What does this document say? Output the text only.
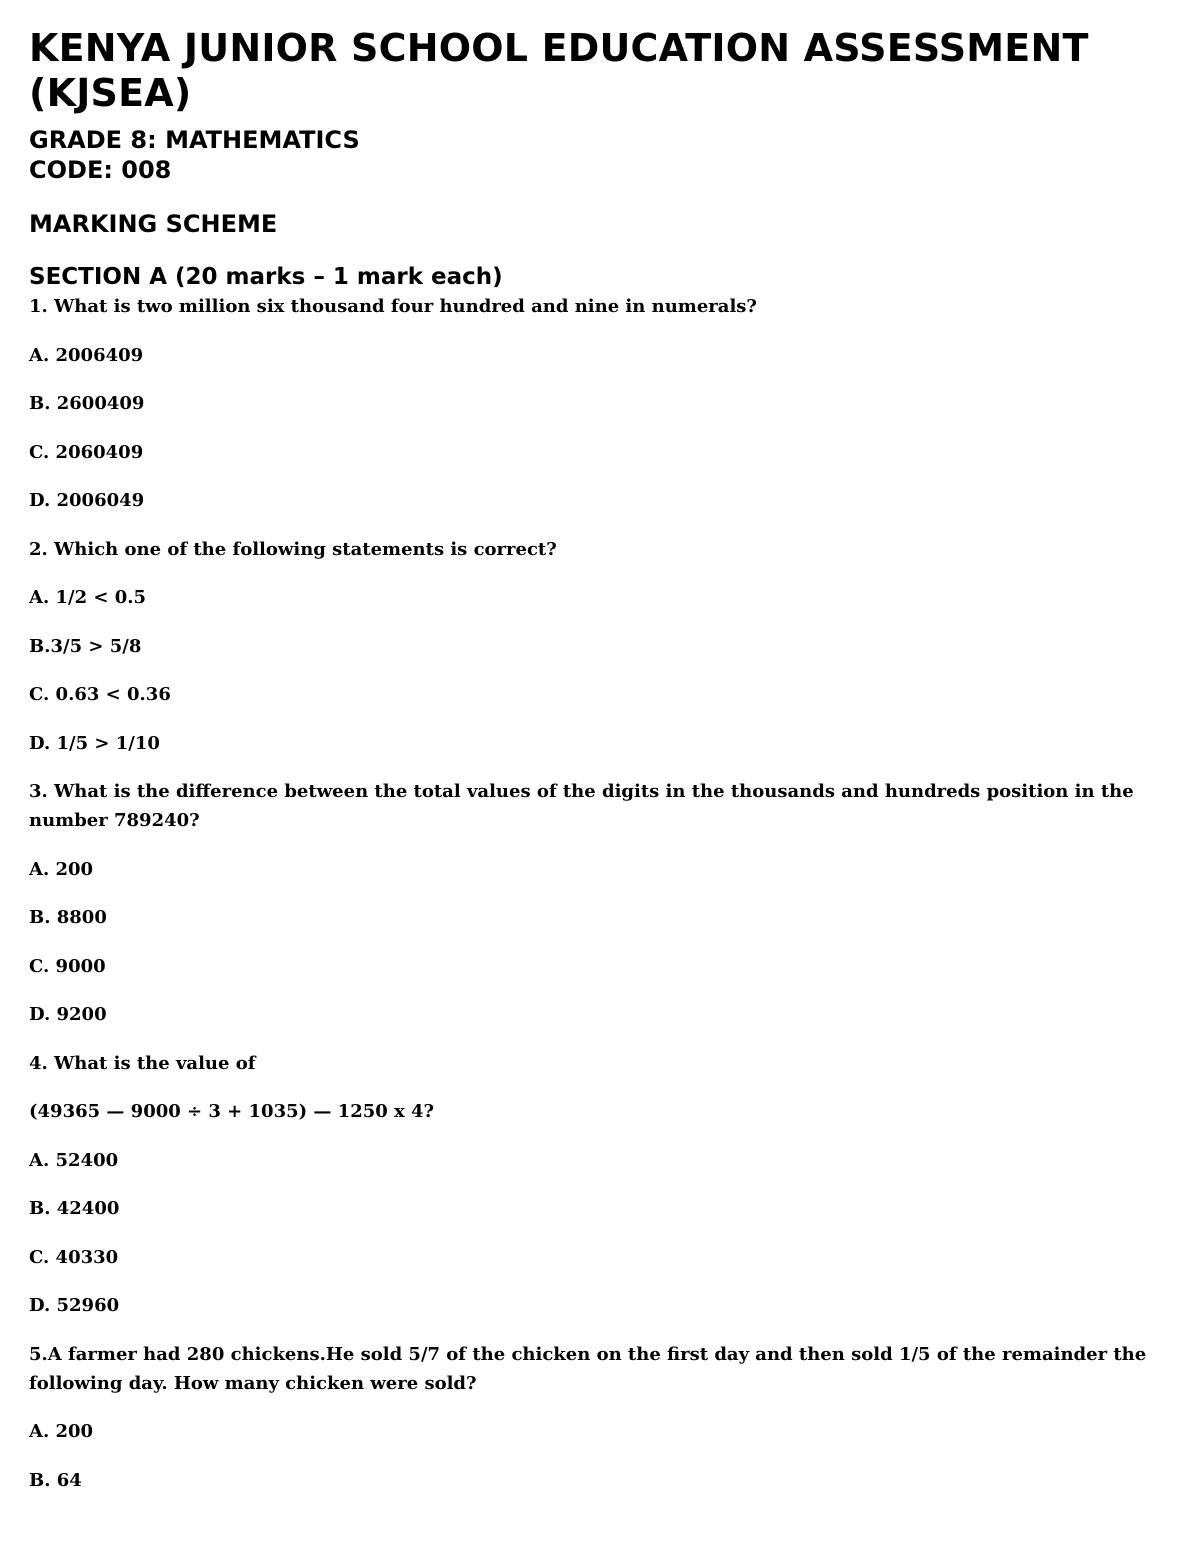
KENYA JUNIOR SCHOOL EDUCATION ASSESSMENT (KJSEA)

GRADE 8: MATHEMATICS

CODE: 008

MARKING SCHEME

SECTION A (20 marks – 1 mark each)

1. What is two million six thousand four hundred and nine in numerals?

A. 2006409

B. 2600409

C. 2060409

D. 2006049

2. Which one of the following statements is correct?

A. 1/2 < 0.5

B.3/5 > 5/8

C. 0.63 < 0.36

D. 1/5 > 1/10

3. What is the difference between the total values of the digits in the thousands and hundreds position in the number 789240?

A. 200

B. 8800

C. 9000

D. 9200

4. What is the value of

(49365 — 9000 ÷ 3 + 1035) — 1250 x 4?

A. 52400

B. 42400

C. 40330

D. 52960

5.A farmer had 280 chickens.He sold 5/7 of the chicken on the first day and then sold 1/5 of the remainder the following day. How many chicken were sold?

A. 200

B. 64
